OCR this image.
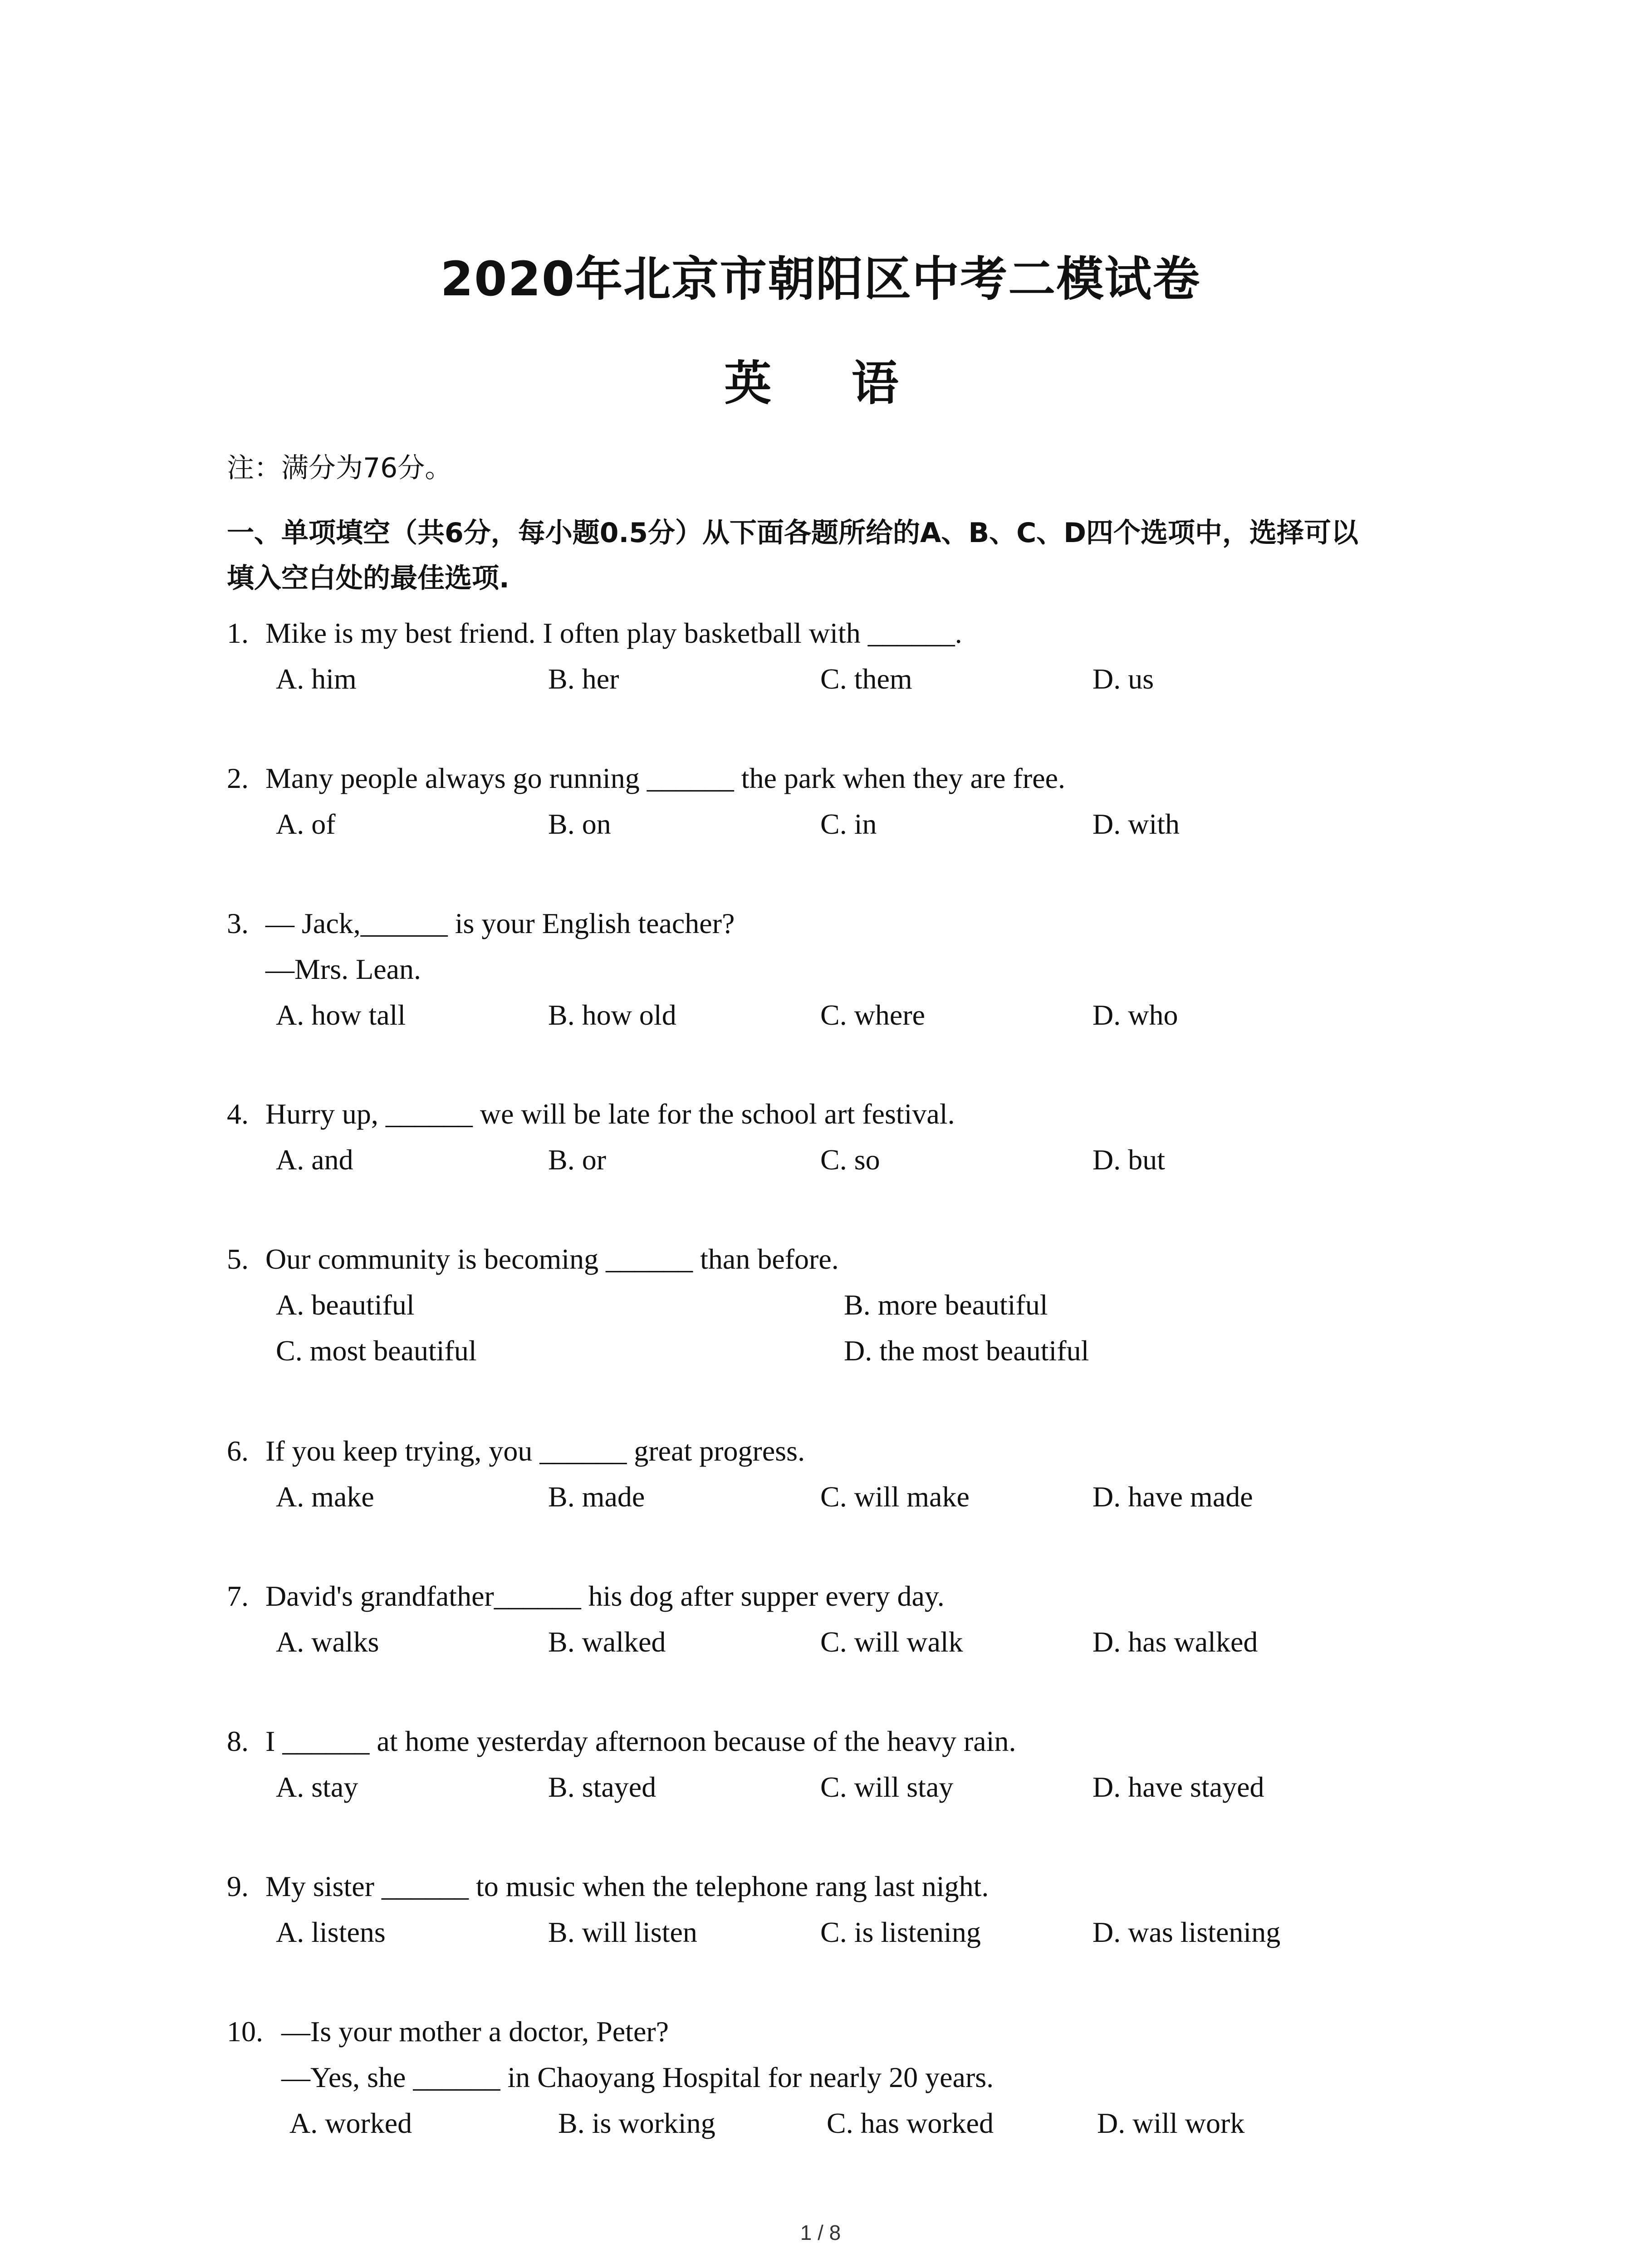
2020年北京市朝阳区中考二模试卷
英 语
注：满分为76分。
一、单项填空（共6分，每小题0.5分）从下面各题所给的A、B、C、D四个选项中，选择可以
填入空白处的最佳选项.
1. Mike is my best friend. I often play basketball with ______.
A. him	B. her	C. them	D. us
2. Many people always go running ______ the park when they are free.
A. of	B. on	C. in	D. with
3. — Jack,______ is your English teacher?
—Mrs. Lean.
A. how tall	B. how old	C. where	D. who
4. Hurry up, ______ we will be late for the school art festival.
A. and	B. or	C. so	D. but
5. Our community is becoming ______ than before.
A. beautiful	B. more beautiful
C. most beautiful	D. the most beautiful
6. If you keep trying, you ______ great progress.
A. make	B. made	C. will make	D. have made
7. David's grandfather______ his dog after supper every day.
A. walks	B. walked	C. will walk	D. has walked
8. I ______ at home yesterday afternoon because of the heavy rain.
A. stay	B. stayed	C. will stay	D. have stayed
9. My sister ______ to music when the telephone rang last night.
A. listens	B. will listen	C. is listening	D. was listening
10. —Is your mother a doctor, Peter?
—Yes, she ______ in Chaoyang Hospital for nearly 20 years.
A. worked	B. is working	C. has worked	D. will work
1 / 8
